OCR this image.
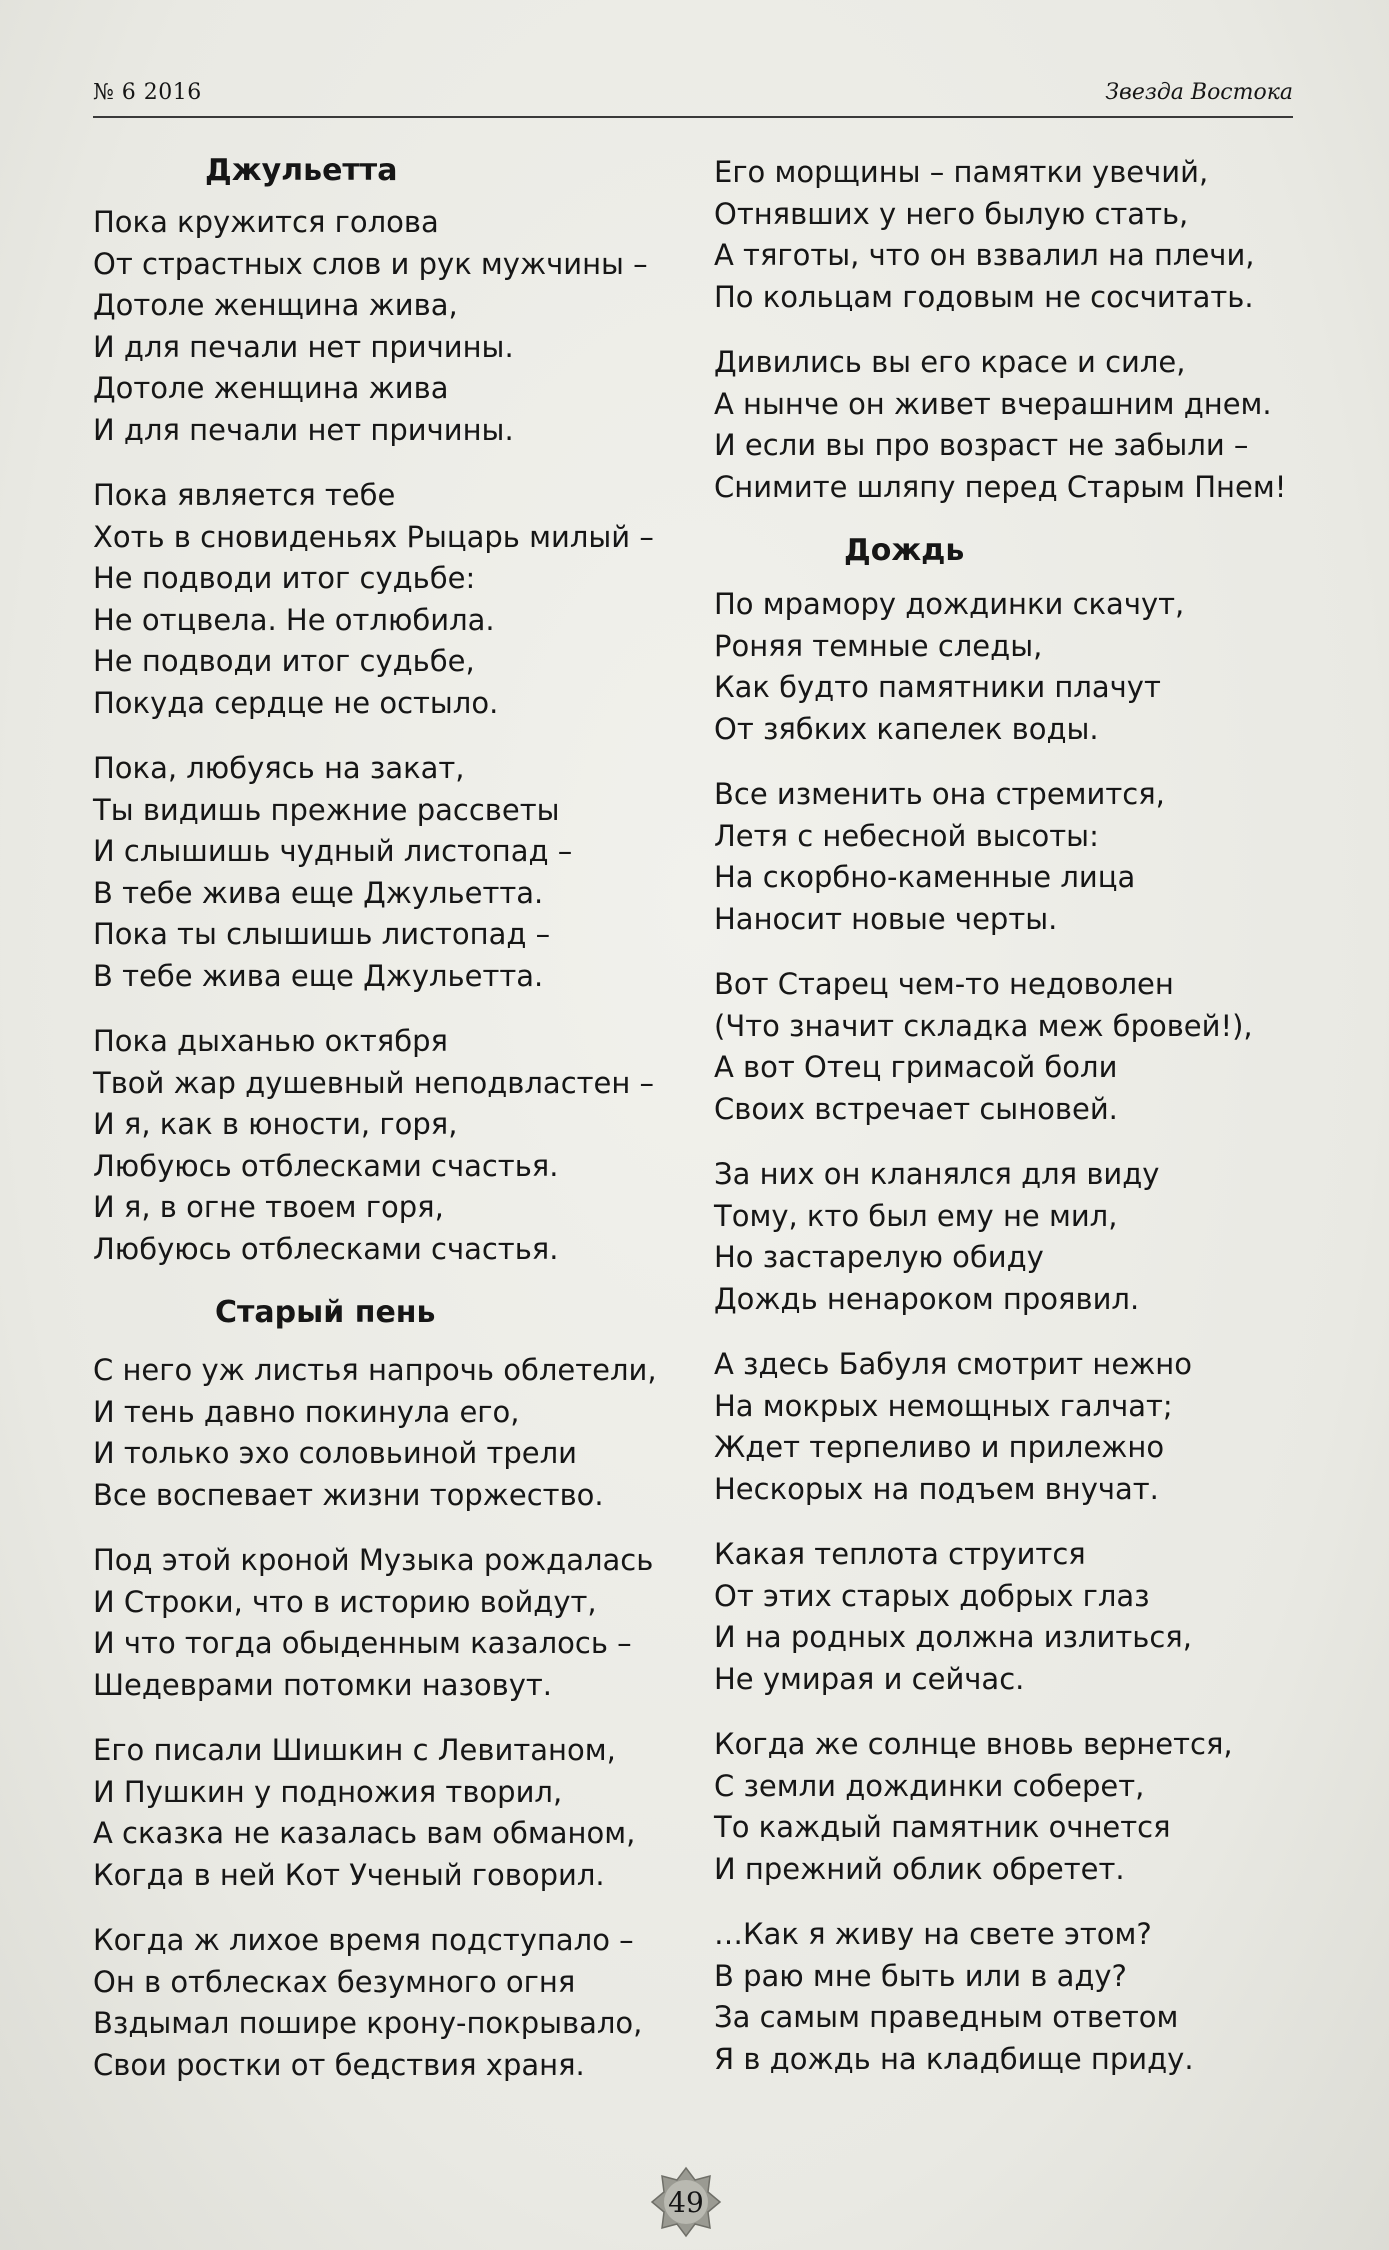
№ 6 2016	Звезда Востока
Джульетта
Пока кружится голова
От страстных слов и рук мужчины –
Дотоле женщина жива,
И для печали нет причины.
Дотоле женщина жива
И для печали нет причины.
Пока является тебе
Хоть в сновиденьях Рыцарь милый –
Не подводи итог судьбе:
Не отцвела. Не отлюбила.
Не подводи итог судьбе,
Покуда сердце не остыло.
Пока, любуясь на закат,
Ты видишь прежние рассветы
И слышишь чудный листопад –
В тебе жива еще Джульетта.
Пока ты слышишь листопад –
В тебе жива еще Джульетта.
Пока дыханью октября
Твой жар душевный неподвластен –
И я, как в юности, горя,
Любуюсь отблесками счастья.
И я, в огне твоем горя,
Любуюсь отблесками счастья.
Старый пень
С него уж листья напрочь облетели,
И тень давно покинула его,
И только эхо соловьиной трели
Все воспевает жизни торжество.
Под этой кроной Музыка рождалась
И Строки, что в историю войдут,
И что тогда обыденным казалось –
Шедеврами потомки назовут.
Его писали Шишкин с Левитаном,
И Пушкин у подножия творил,
А сказка не казалась вам обманом,
Когда в ней Кот Ученый говорил.
Когда ж лихое время подступало –
Он в отблесках безумного огня
Вздымал пошире крону-покрывало,
Свои ростки от бедствия храня.
Его морщины – памятки увечий,
Отнявших у него былую стать,
А тяготы, что он взвалил на плечи,
По кольцам годовым не сосчитать.
Дивились вы его красе и силе,
А нынче он живет вчерашним днем.
И если вы про возраст не забыли –
Снимите шляпу перед Старым Пнем!
Дождь
По мрамору дождинки скачут,
Роняя темные следы,
Как будто памятники плачут
От зябких капелек воды.
Все изменить она стремится,
Летя с небесной высоты:
На скорбно-каменные лица
Наносит новые черты.
Вот Старец чем-то недоволен
(Что значит складка меж бровей!),
А вот Отец гримасой боли
Своих встречает сыновей.
За них он кланялся для виду
Тому, кто был ему не мил,
Но застарелую обиду
Дождь ненароком проявил.
А здесь Бабуля смотрит нежно
На мокрых немощных галчат;
Ждет терпеливо и прилежно
Нескорых на подъем внучат.
Какая теплота струится
От этих старых добрых глаз
И на родных должна излиться,
Не умирая и сейчас.
Когда же солнце вновь вернется,
С земли дождинки соберет,
То каждый памятник очнется
И прежний облик обретет.
…Как я живу на свете этом?
В раю мне быть или в аду?
За самым праведным ответом
Я в дождь на кладбище приду.
49
